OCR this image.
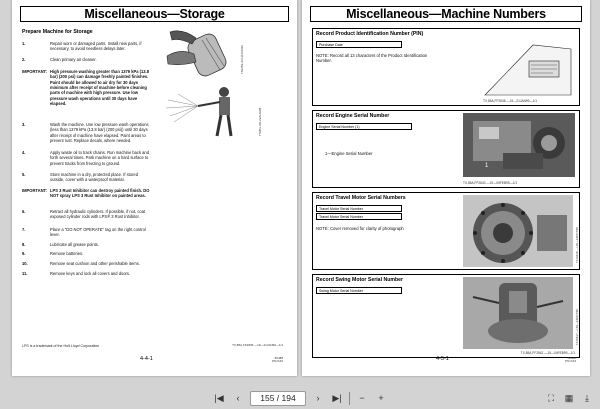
Miscellaneous—Storage
Prepare Machine for Storage
T82453-UN-11JUN96
TS953-UN-22AUG88
1.	Repair worn or damaged parts. Install new parts, if necessary, to avoid needless delays later.
2.	Clean primary air cleaner.
IMPORTANT: High pressure washing greater than 1379 kPa (13.8 bar) (200 psi) can damage freshly painted finishes. Paint should be allowed to air dry for 30 days minimum after receipt of machine before cleaning parts of machine with high pressure. Use low pressure wash operations until 30 days have elapsed.
3.	Wash the machine. Use low pressure wash operations (less than 1379 kPa (13.8 bar) (200 psi)) until 30 days after receipt of machine have elapsed. Paint areas to prevent rust. Replace decals, where needed.
4.	Apply waste oil to track chains. Run machine back and forth several times. Park machine on a hard surface to prevent tracks from freezing to ground.
5.	Store machine in a dry, protected place. If stored outside, cover with a waterproof material.
IMPORTANT: LPS 3 Rust Inhibitor can destroy painted finish. DO NOT spray LPS 3 Rust Inhibitor on painted areas.
6.	Retract all hydraulic cylinders. If possible, if not, coat exposed cylinder rods with LPS® 3 Rust Inhibitor.
7.	Place a "DO NOT OPERATE" tag on the right control lever.
8.	Lubricate all grease points.
9.	Remove batteries.
10.	Remove seat cushion and other perishable items.
11.	Remove keys and lock all covers and doors.
LPS is a trademark of the Holt Lloyd Corporation	TX,85A,FF2836 —19—21JAN99—1/1
4-4-1	80488
PN=162
Miscellaneous—Machine Numbers
Record Product Identification Number (PIN)
Purchase Date
NOTE: Record all 13 characters of the Product Identification Number.
TX,85A,FF2838 —19—21JAN99—1/1
Record Engine Serial Number
Engine Serial Number (1)
1—Engine Serial Number
1
TX,85A,FF2840 —19—05FEB99—1/1
Record Travel Motor Serial Numbers
Travel Motor Serial Number
Travel Motor Serial Number
NOTE: Cover removed for clarity of photograph	T116438 —UN—24OCT98
Record Swing Motor Serial Number
Swing Motor Serial Number
T116437 —UN—24OCT98
TX,85A,FF2842 —19—04FEB99—1/1
4-5-1	80488
PN=163
|◀ ‹ 155 / 194 › ▶| − +	⛶ ▦ ⤓
